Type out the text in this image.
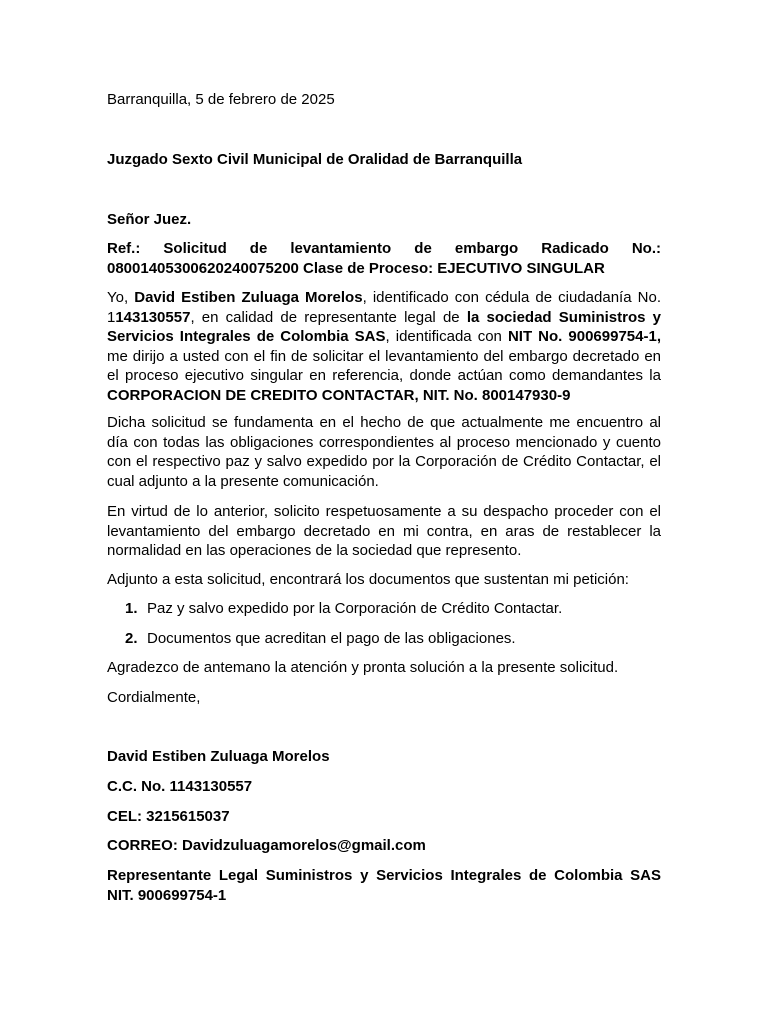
Barranquilla, 5 de febrero de 2025

Juzgado Sexto Civil Municipal de Oralidad de Barranquilla

Señor Juez.

Ref.: Solicitud de levantamiento de embargo Radicado No.:
08001405300620240075200 Clase de Proceso: EJECUTIVO SINGULAR

Yo, David Estiben Zuluaga Morelos, identificado con cédula de ciudadanía No. 1143130557, en calidad de representante legal de la sociedad Suministros y Servicios Integrales de Colombia SAS, identificada con NIT No. 900699754-1, me dirijo a usted con el fin de solicitar el levantamiento del embargo decretado en el proceso ejecutivo singular en referencia, donde actúan como demandantes la CORPORACION DE CREDITO CONTACTAR, NIT. No. 800147930-9

Dicha solicitud se fundamenta en el hecho de que actualmente me encuentro al día con todas las obligaciones correspondientes al proceso mencionado y cuento con el respectivo paz y salvo expedido por la Corporación de Crédito Contactar, el cual adjunto a la presente comunicación.

En virtud de lo anterior, solicito respetuosamente a su despacho proceder con el levantamiento del embargo decretado en mi contra, en aras de restablecer la normalidad en las operaciones de la sociedad que represento.

Adjunto a esta solicitud, encontrará los documentos que sustentan mi petición:

1. Paz y salvo expedido por la Corporación de Crédito Contactar.
2. Documentos que acreditan el pago de las obligaciones.

Agradezco de antemano la atención y pronta solución a la presente solicitud.

Cordialmente,

David Estiben Zuluaga Morelos

C.C. No. 1143130557

CEL: 3215615037

CORREO: Davidzuluagamorelos@gmail.com

Representante Legal Suministros y Servicios Integrales de Colombia SAS
NIT. 900699754-1
